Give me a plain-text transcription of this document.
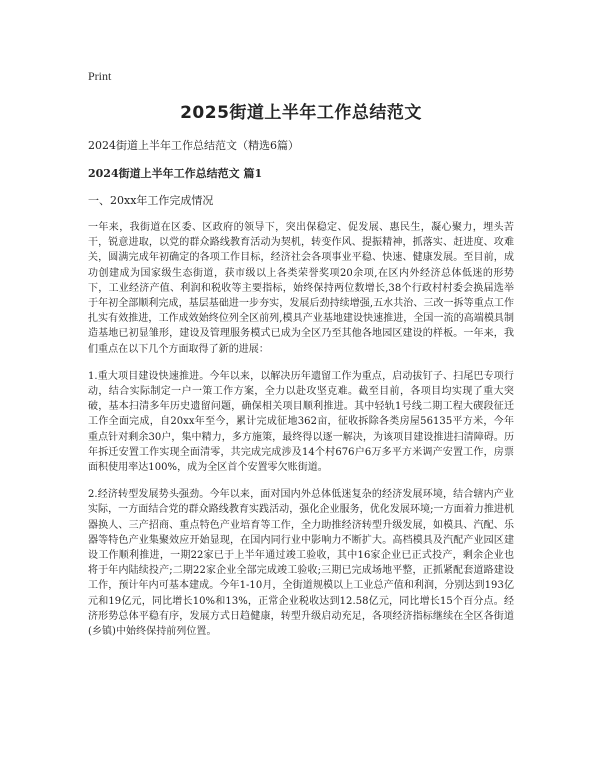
Print
2025街道上半年工作总结范文
2024街道上半年工作总结范文（精选6篇）
2024街道上半年工作总结范文 篇1
一、20xx年工作完成情况

一年来，我街道在区委、区政府的领导下，突出保稳定、促发展、惠民生，凝心聚力，埋头苦干，锐意进取，以党的群众路线教育活动为契机，转变作风、提振精神，抓落实、赶进度、攻难关，圆满完成年初确定的各项工作目标，经济社会各项事业平稳、快速、健康发展。至目前，成功创建成为国家级生态街道，获市级以上各类荣誉奖项20余项,在区内外经济总体低迷的形势下，工业经济产值、利润和税收等主要指标，始终保持两位数增长,38个行政村村委会换届选举于年初全部顺利完成，基层基础进一步夯实，发展后劲持续增强,五水共治、三改一拆等重点工作扎实有效推进，工作成效始终位列全区前列,模具产业基地建设快速推进，全国一流的高端模具制造基地已初显雏形，建设及管理服务模式已成为全区乃至其他各地园区建设的样板。一年来，我们重点在以下几个方面取得了新的进展：

1.重大项目建设快速推进。今年以来，以解决历年遗留工作为重点，启动拔钉子、扫尾巴专项行动，结合实际制定一户一策工作方案，全力以赴攻坚克难。截至目前，各项目均实现了重大突破，基本扫清多年历史遗留问题，确保相关项目顺利推进。其中轻轨1号线二期工程大碶段征迁工作全面完成，自20xx年至今，累计完成征地362亩，征收拆除各类房屋56135平方米，今年重点针对剩余30户，集中精力，多方施策，最终得以逐一解决，为该项目建设推进扫清障碍。历年拆迁安置工作实现全面清零，共完成完成涉及14个村676户6万多平方米调产安置工作，房票面积使用率达100%，成为全区首个安置零欠账街道。

2.经济转型发展势头强劲。今年以来，面对国内外总体低迷复杂的经济发展环境，结合辖内产业实际，一方面结合党的群众路线教育实践活动，强化企业服务，优化发展环境;一方面着力推进机器换人、三产招商、重点特色产业培育等工作，全力助推经济转型升级发展，如模具、汽配、乐器等特色产业集聚效应开始显现，在国内同行业中影响力不断扩大。高档模具及汽配产业园区建设工作顺利推进，一期22家已于上半年通过竣工验收，其中16家企业已正式投产，剩余企业也将于年内陆续投产;二期22家企业全部完成竣工验收;三期已完成场地平整，正抓紧配套道路建设工作，预计年内可基本建成。今年1-10月，全街道规模以上工业总产值和利润，分别达到193亿元和19亿元，同比增长10%和13%，正常企业税收达到12.58亿元，同比增长15个百分点。经济形势总体平稳有序，发展方式日趋健康，转型升级启动充足，各项经济指标继续在全区各街道(乡镇)中始终保持前列位置。
